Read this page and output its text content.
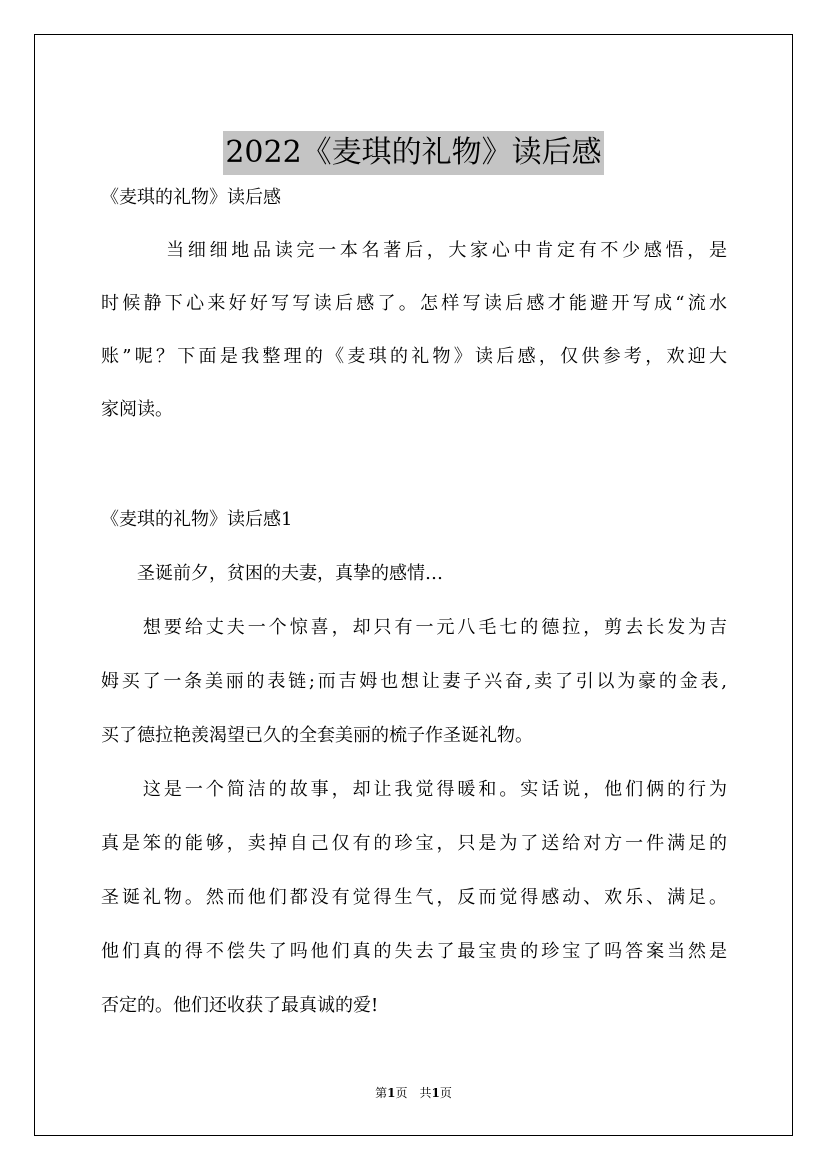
2022《麦琪的礼物》读后感
《麦琪的礼物》读后感
　　　当细细地品读完一本名著后，大家心中肯定有不少感悟，是
时候静下心来好好写写读后感了。怎样写读后感才能避开写成“流水
账”呢？下面是我整理的《麦琪的礼物》读后感，仅供参考，欢迎大
家阅读。
《麦琪的礼物》读后感1
　　圣诞前夕，贫困的夫妻，真挚的感情…
　　想要给丈夫一个惊喜，却只有一元八毛七的德拉，剪去长发为吉
姆买了一条美丽的表链;而吉姆也想让妻子兴奋,卖了引以为豪的金表,
买了德拉艳羡渴望已久的全套美丽的梳子作圣诞礼物。
　　这是一个简洁的故事，却让我觉得暖和。实话说，他们俩的行为
真是笨的能够，卖掉自己仅有的珍宝，只是为了送给对方一件满足的
圣诞礼物。然而他们都没有觉得生气，反而觉得感动、欢乐、满足。
他们真的得不偿失了吗他们真的失去了最宝贵的珍宝了吗答案当然是
否定的。他们还收获了最真诚的爱!
第1页　共1页
